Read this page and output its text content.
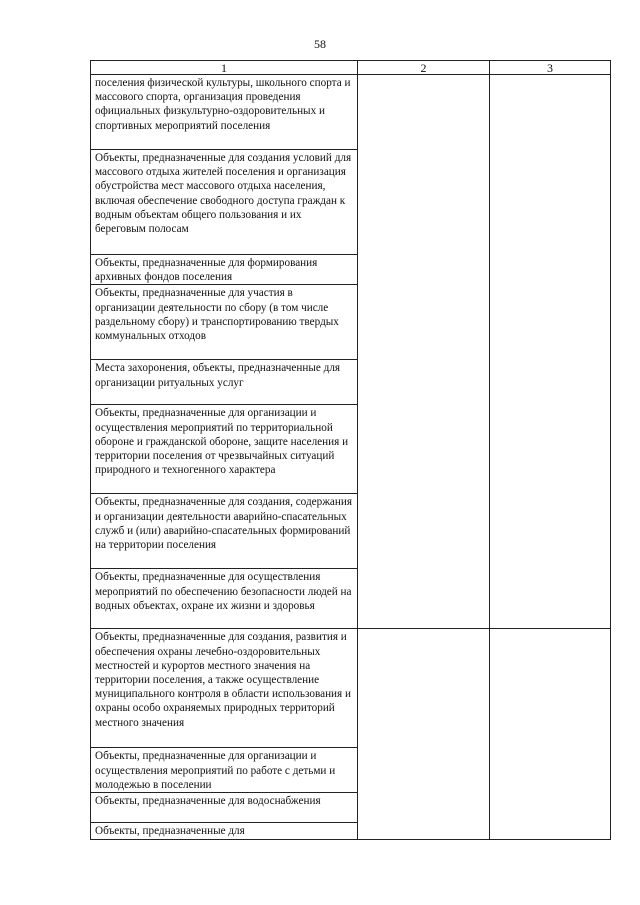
58
1	2	3
поселения физической культуры, школьного спорта и массового спорта, организация проведения официальных физкультурно-оздоровительных и спортивных мероприятий поселения		
Объекты, предназначенные для создания условий для массового отдыха жителей поселения и организация обустройства мест массового отдыха населения, включая обеспечение свободного доступа граждан к водным объектам общего пользования и их береговым полосам		
Объекты, предназначенные для формирования архивных фондов поселения		
Объекты, предназначенные для участия в организации деятельности по сбору (в том числе раздельному сбору) и транспортированию твердых коммунальных отходов		
Места захоронения, объекты, предназначенные для организации ритуальных услуг		
Объекты, предназначенные для организации и осуществления мероприятий по территориальной обороне и гражданской обороне, защите населения и территории поселения от чрезвычайных ситуаций природного и техногенного характера		
Объекты, предназначенные для создания, содержания и организации деятельности аварийно-спасательных служб и (или) аварийно-спасательных формирований на территории поселения		
Объекты, предназначенные для осуществления мероприятий по обеспечению безопасности людей на водных объектах, охране их жизни и здоровья		
Объекты, предназначенные для создания, развития и обеспечения охраны лечебно-оздоровительных местностей и курортов местного значения на территории поселения, а также осуществление муниципального контроля в области использования и охраны особо охраняемых природных территорий местного значения		
Объекты, предназначенные для организации и осуществления мероприятий по работе с детьми и молодежью в поселении		
Объекты, предназначенные для водоснабжения		
Объекты, предназначенные для		
